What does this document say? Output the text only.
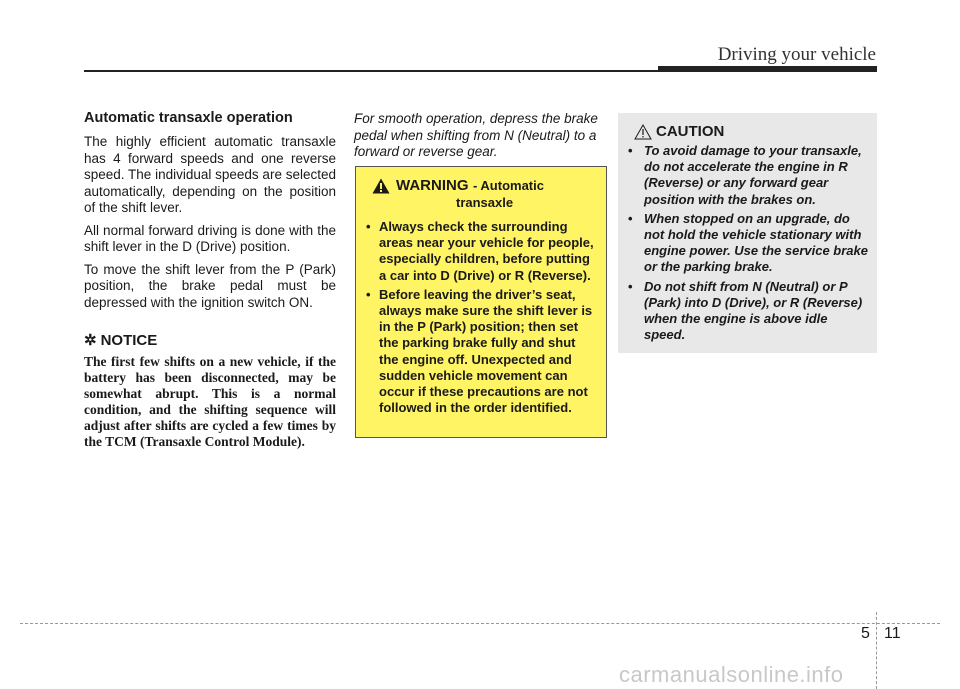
Driving your vehicle
Automatic transaxle operation

The highly efficient automatic transaxle has 4 forward speeds and one reverse speed. The individual speeds are selected automatically, depending on the position of the shift lever.

All normal forward driving is done with the shift lever in the D (Drive) position.

To move the shift lever from the P (Park) position, the brake pedal must be depressed with the ignition switch ON.

✲ NOTICE

The first few shifts on a new vehicle, if the battery has been disconnected, may be somewhat abrupt. This is a normal condition, and the shifting sequence will adjust after shifts are cycled a few times by the TCM (Transaxle Control Module).

For smooth operation, depress the brake pedal when shifting from N (Neutral) to a forward or reverse gear.

WARNING - Automatic
transaxle
• Always check the surrounding areas near your vehicle for people, especially children, before putting a car into D (Drive) or R (Reverse).
• Before leaving the driver’s seat, always make sure the shift lever is in the P (Park) position; then set the parking brake fully and shut the engine off. Unexpected and sudden vehicle movement can occur if these precautions are not followed in the order identified.
CAUTION
• To avoid damage to your transaxle, do not accelerate the engine in R (Reverse) or any forward gear position with the brakes on.
• When stopped on an upgrade, do not hold the vehicle stationary with engine power. Use the service brake or the parking brake.
• Do not shift from N (Neutral) or P (Park) into D (Drive), or R (Reverse) when the engine is above idle speed.
5 11
carmanualsonline.info
